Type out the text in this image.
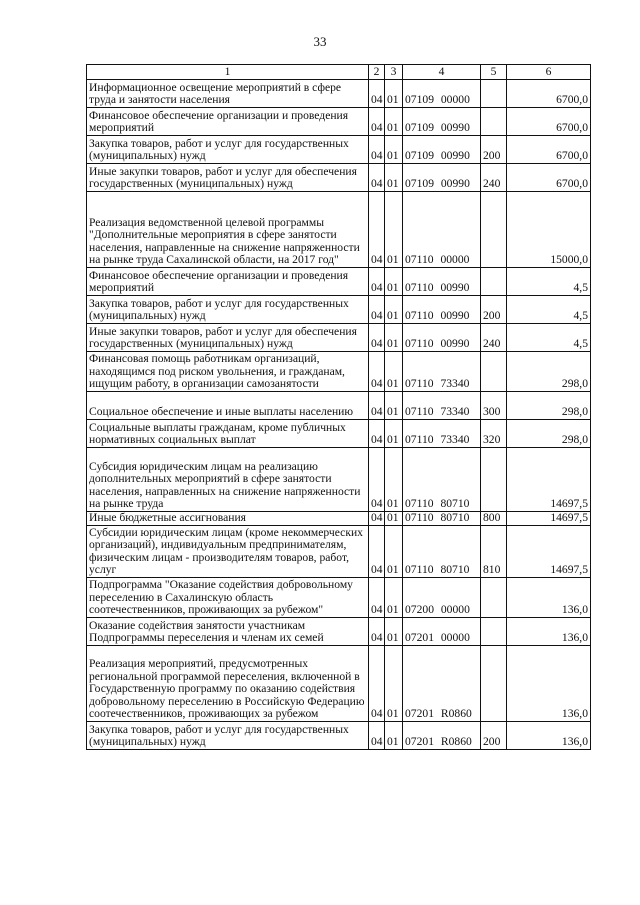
33
1	2	3	4	5	6
Информационное освещение мероприятий в сфере труда и занятости населения	04	01	07109 00000		6700,0
Финансовое обеспечение организации и проведения мероприятий	04	01	07109 00990		6700,0
Закупка товаров, работ и услуг для государственных (муниципальных) нужд	04	01	07109 00990	200	6700,0
Иные закупки товаров, работ и услуг для обеспечения государственных (муниципальных) нужд	04	01	07109 00990	240	6700,0
Реализация ведомственной целевой программы "Дополнительные мероприятия в сфере занятости населения, направленные на снижение напряженности на рынке труда Сахалинской области, на 2017 год"	04	01	07110 00000		15000,0
Финансовое обеспечение организации и проведения мероприятий	04	01	07110 00990		4,5
Закупка товаров, работ и услуг для государственных (муниципальных) нужд	04	01	07110 00990	200	4,5
Иные закупки товаров, работ и услуг для обеспечения государственных (муниципальных) нужд	04	01	07110 00990	240	4,5
Финансовая помощь работникам организаций, находящимся под риском увольнения, и гражданам, ищущим работу, в организации самозанятости	04	01	07110 73340		298,0
Социальное обеспечение и иные выплаты населению	04	01	07110 73340	300	298,0
Социальные выплаты гражданам, кроме публичных нормативных социальных выплат	04	01	07110 73340	320	298,0
Субсидия юридическим лицам на реализацию дополнительных мероприятий в сфере занятости населения, направленных на снижение напряженности на рынке труда	04	01	07110 80710		14697,5
Иные бюджетные ассигнования	04	01	07110 80710	800	14697,5
Субсидии юридическим лицам (кроме некоммерческих организаций), индивидуальным предпринимателям, физическим лицам - производителям товаров, работ, услуг	04	01	07110 80710	810	14697,5
Подпрограмма "Оказание содействия добровольному переселению в Сахалинскую область соотечественников, проживающих за рубежом"	04	01	07200 00000		136,0
Оказание содействия занятости участникам Подпрограммы переселения и членам их семей	04	01	07201 00000		136,0
Реализация мероприятий, предусмотренных региональной программой переселения, включенной в Государственную программу по оказанию содействия добровольному переселению в Российскую Федерацию соотечественников, проживающих за рубежом	04	01	07201 R0860		136,0
Закупка товаров, работ и услуг для государственных (муниципальных) нужд	04	01	07201 R0860	200	136,0
